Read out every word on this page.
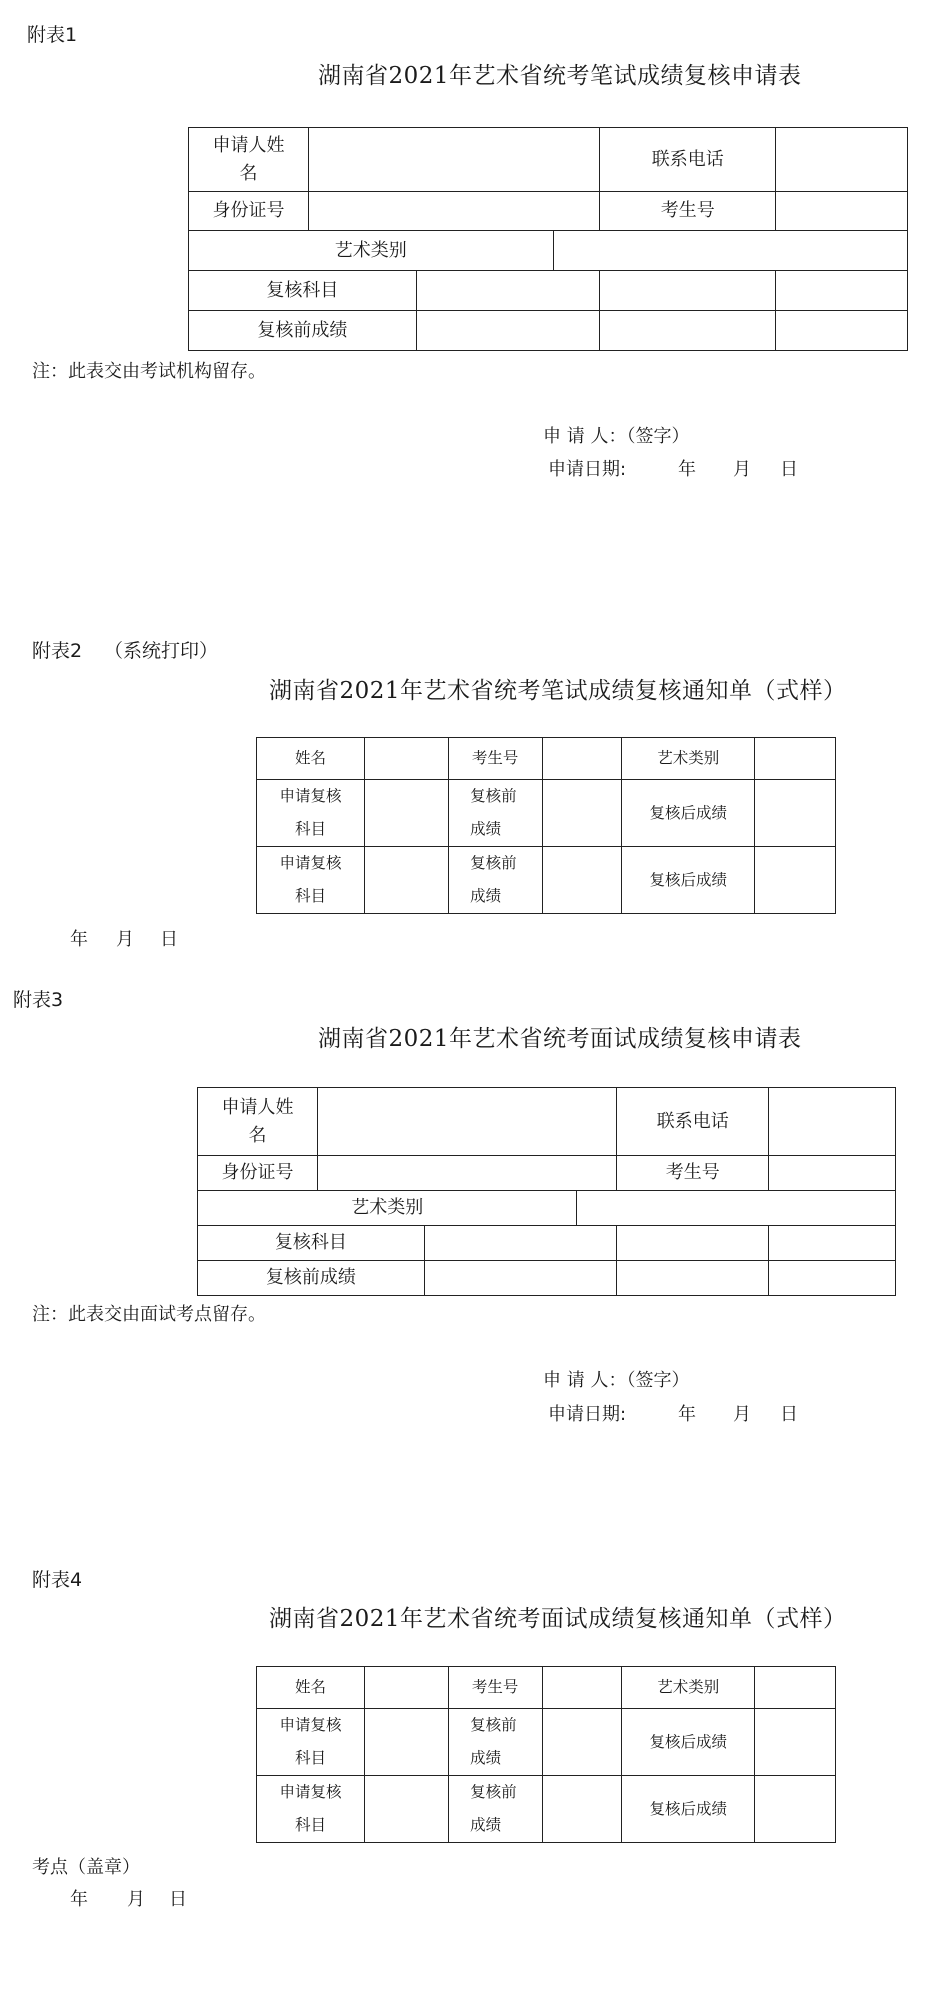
附表1
湖南省2021年艺术省统考笔试成绩复核申请表
申请人姓名				联系电话	
身份证号				考生号	
艺术类别					
复核科目					
复核前成绩					
注：此表交由考试机构留存。
申 请 人：（签字）
申请日期:	年 月 日
附表2 （系统打印）
湖南省2021年艺术省统考笔试成绩复核通知单（式样）
姓名		考生号		艺术类别	
申请复核科目		复核前成绩		复核后成绩	
申请复核科目		复核前成绩		复核后成绩	
年 月 日
附表3
湖南省2021年艺术省统考面试成绩复核申请表
申请人姓名				联系电话	
身份证号				考生号	
艺术类别					
复核科目					
复核前成绩					
注：此表交由面试考点留存。
申 请 人：（签字）
申请日期:	年 月 日
附表4
湖南省2021年艺术省统考面试成绩复核通知单（式样）
姓名		考生号		艺术类别	
申请复核科目		复核前成绩		复核后成绩	
申请复核科目		复核前成绩		复核后成绩	
考点（盖章）
年 月 日
